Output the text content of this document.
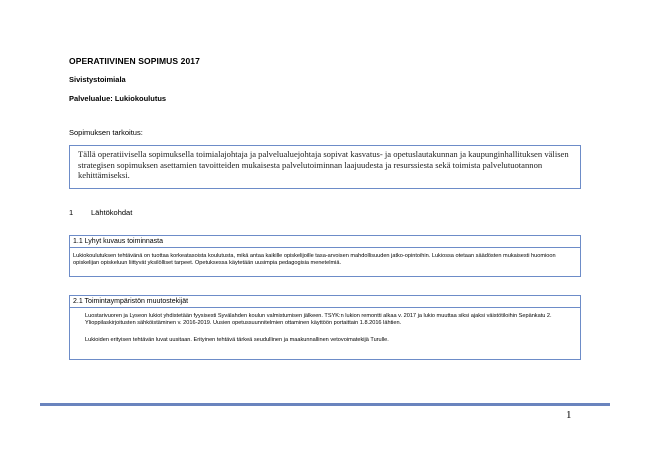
OPERATIIVINEN SOPIMUS 2017
Sivistystoimiala
Palvelualue: Lukiokoulutus
Sopimuksen tarkoitus:
Tällä operatiivisella sopimuksella toimialajohtaja ja palvelualuejohtaja sopivat kasvatus- ja opetuslautakunnan ja kaupunginhallituksen välisen strategisen sopimuksen asettamien tavoitteiden mukaisesta palvelutoiminnan laajuudesta ja resurssiesta sekä toimista palvelutuotannon kehittämiseksi.
1 Lähtökohdat
1.1 Lyhyt kuvaus toiminnasta
Lukiokoulutuksen tehtävänä on tuottaa korkeatasoista koulutusta, mikä antaa kaikille opiskelijoille tasa-arvoisen mahdollisuuden jatko-opintoihin. Lukiossa otetaan säädösten mukaisesti huomioon opiskelijan opiskeluun liittyvät yksilölliset tarpeet. Opetuksessa käytetään uusimpia pedagogisia menetelmiä.
2.1 Toimintaympäristön muutostekijät
Luostarivuoren ja Lyseon lukiot yhdistetään fyysisesti Syvälahden koulun valmistumisen jälkeen. TSYK:n lukion remontti alkaa v. 2017 ja lukio muuttaa siksi ajaksi väistötiloihin Sepänkatu 2. Ylioppilaskirjoitusten sähköistäminen v. 2016-2019. Uusien opetussuunnitelmien ottaminen käyttöön portaittain 1.8.2016 lähtien.
Lukioiden erityisen tehtävän luvat uusitaan. Erityinen tehtävä tärkeä seudullinen ja maakunnallinen vetovoimatekijä Turulle.
1
